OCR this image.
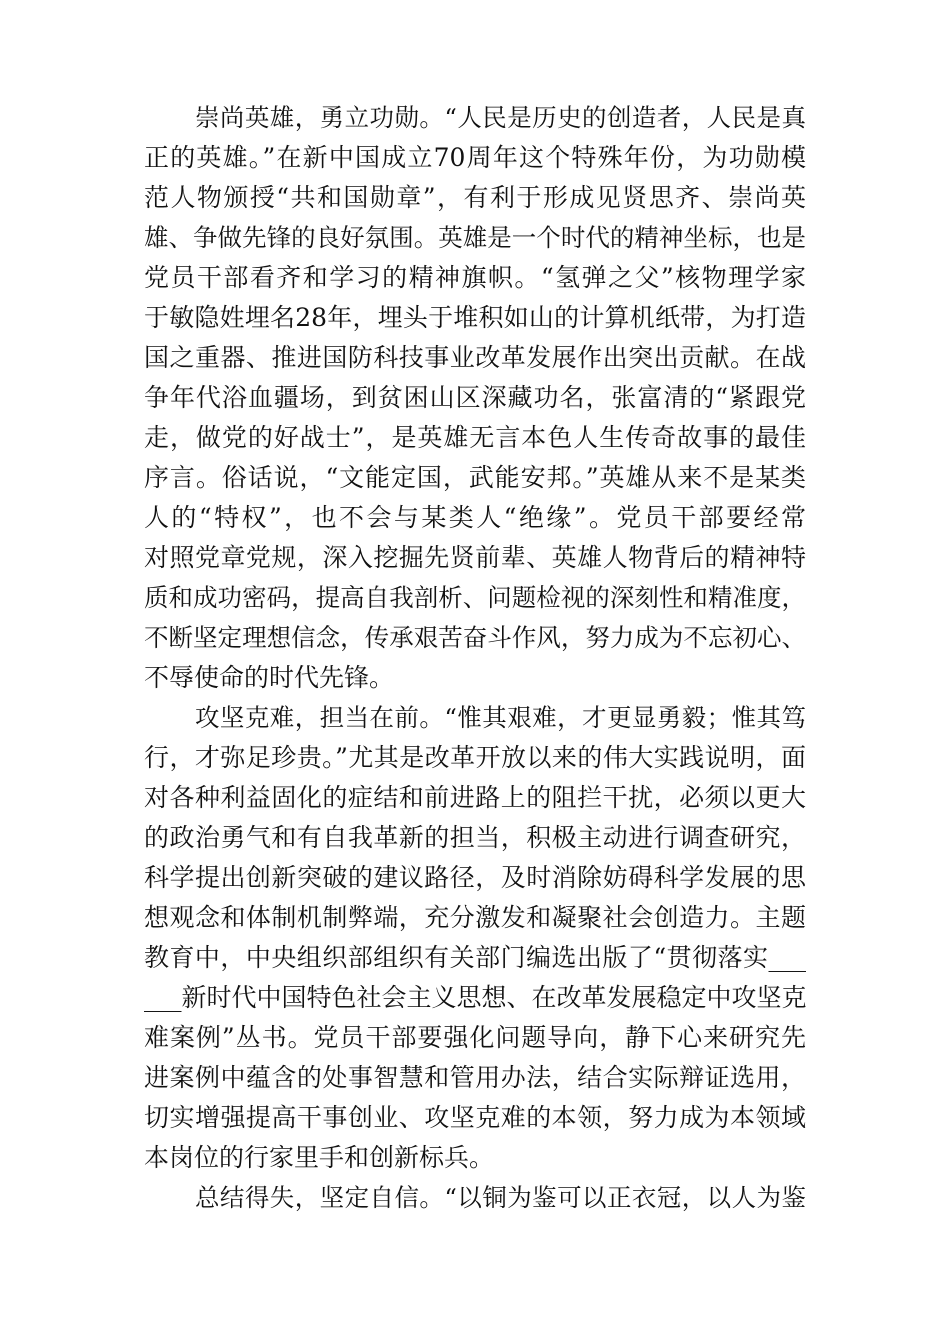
崇尚英雄，勇立功勋。“人民是历史的创造者，人民是真
正的英雄。”在新中国成立70周年这个特殊年份，为功勋模
范人物颁授“共和国勋章”，有利于形成见贤思齐、崇尚英
雄、争做先锋的良好氛围。英雄是一个时代的精神坐标，也是
党员干部看齐和学习的精神旗帜。“氢弹之父”核物理学家
于敏隐姓埋名28年，埋头于堆积如山的计算机纸带，为打造
国之重器、推进国防科技事业改革发展作出突出贡献。在战
争年代浴血疆场，到贫困山区深藏功名，张富清的“紧跟党
走，做党的好战士”，是英雄无言本色人生传奇故事的最佳
序言。俗话说，“文能定国，武能安邦。”英雄从来不是某类
人的“特权”，也不会与某类人“绝缘”。党员干部要经常
对照党章党规，深入挖掘先贤前辈、英雄人物背后的精神特
质和成功密码，提高自我剖析、问题检视的深刻性和精准度，
不断坚定理想信念，传承艰苦奋斗作风，努力成为不忘初心、
不辱使命的时代先锋。
攻坚克难，担当在前。“惟其艰难，才更显勇毅；惟其笃
行，才弥足珍贵。”尤其是改革开放以来的伟大实践说明，面
对各种利益固化的症结和前进路上的阻拦干扰，必须以更大
的政治勇气和有自我革新的担当，积极主动进行调查研究，
科学提出创新突破的建议路径，及时消除妨碍科学发展的思
想观念和体制机制弊端，充分激发和凝聚社会创造力。主题
教育中，中央组织部组织有关部门编选出版了“贯彻落实___
___新时代中国特色社会主义思想、在改革发展稳定中攻坚克
难案例”丛书。党员干部要强化问题导向，静下心来研究先
进案例中蕴含的处事智慧和管用办法，结合实际辩证选用，
切实增强提高干事创业、攻坚克难的本领，努力成为本领域
本岗位的行家里手和创新标兵。
总结得失，坚定自信。“以铜为鉴可以正衣冠，以人为鉴
